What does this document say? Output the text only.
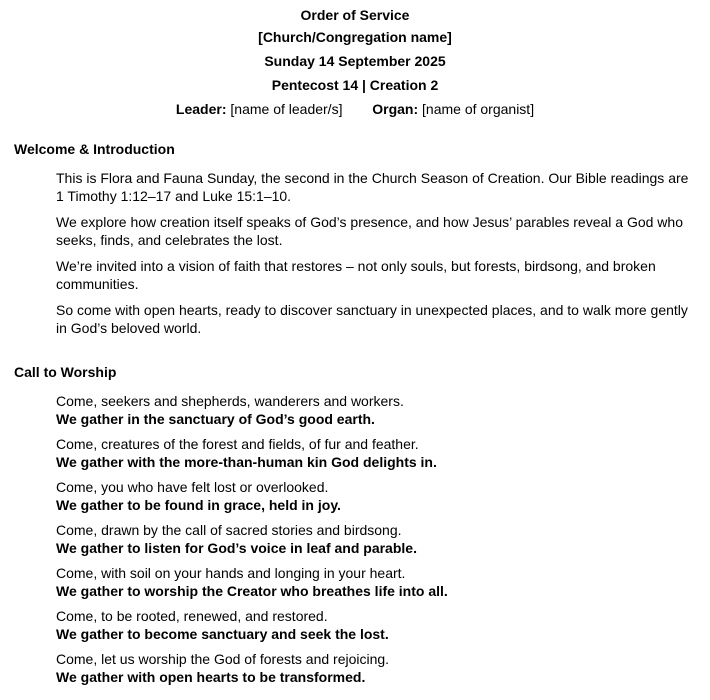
Order of Service
[Church/Congregation name]
Sunday 14 September 2025
Pentecost 14 | Creation 2
Leader: [name of leader/s] Organ: [name of organist]
Welcome & Introduction
This is Flora and Fauna Sunday, the second in the Church Season of Creation. Our Bible readings are 1 Timothy 1:12–17 and Luke 15:1–10.
We explore how creation itself speaks of God’s presence, and how Jesus’ parables reveal a God who seeks, finds, and celebrates the lost.
We’re invited into a vision of faith that restores – not only souls, but forests, birdsong, and broken communities.
So come with open hearts, ready to discover sanctuary in unexpected places, and to walk more gently in God’s beloved world.
Call to Worship
Come, seekers and shepherds, wanderers and workers.
We gather in the sanctuary of God’s good earth.
Come, creatures of the forest and fields, of fur and feather.
We gather with the more-than-human kin God delights in.
Come, you who have felt lost or overlooked.
We gather to be found in grace, held in joy.
Come, drawn by the call of sacred stories and birdsong.
We gather to listen for God’s voice in leaf and parable.
Come, with soil on your hands and longing in your heart.
We gather to worship the Creator who breathes life into all.
Come, to be rooted, renewed, and restored.
We gather to become sanctuary and seek the lost.
Come, let us worship the God of forests and rejoicing.
We gather with open hearts to be transformed.
